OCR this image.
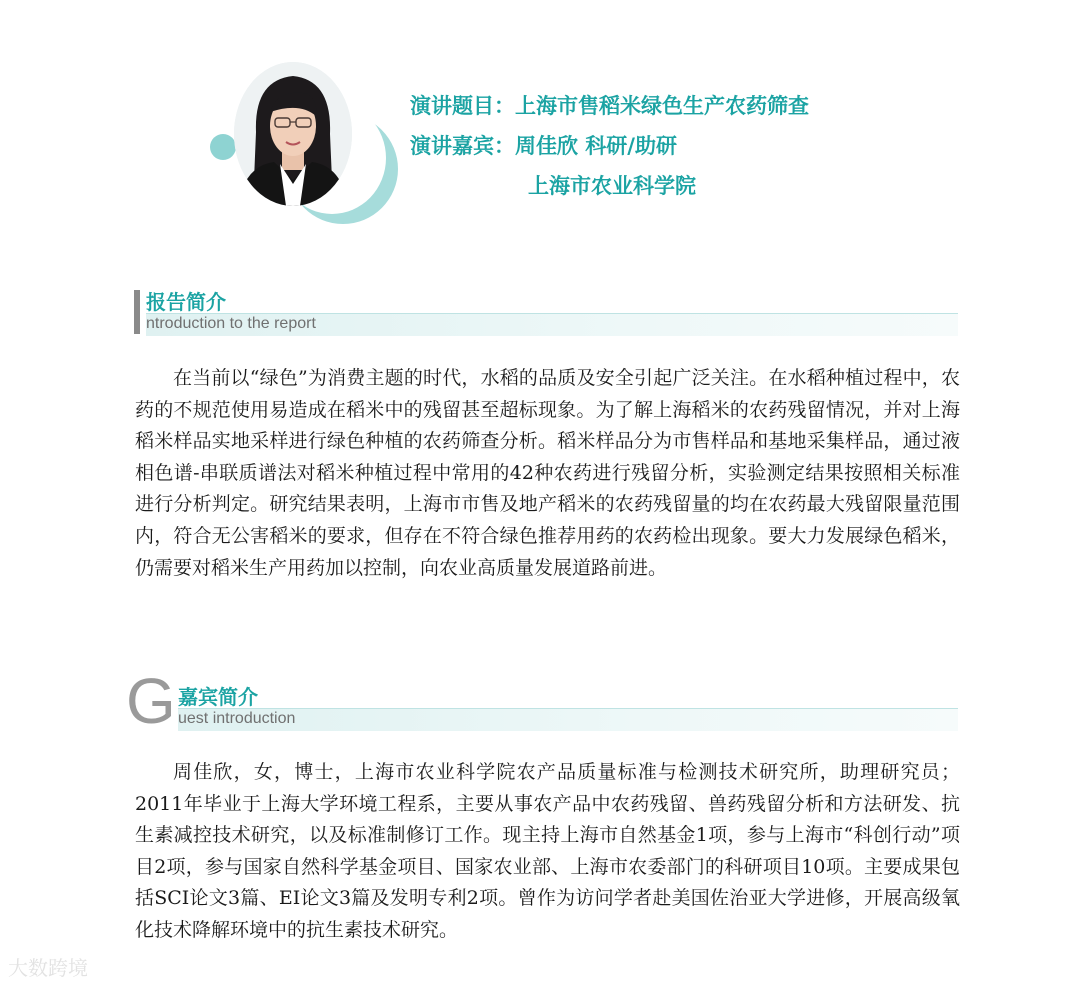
演讲题目：上海市售稻米绿色生产农药筛查
演讲嘉宾：周佳欣 科研/助研
上海市农业科学院
报告简介
ntroduction to the report
在当前以“绿色”为消费主题的时代，水稻的品质及安全引起广泛关注。在水稻种植过程中，农药的不规范使用易造成在稻米中的残留甚至超标现象。为了解上海稻米的农药残留情况，并对上海稻米样品实地采样进行绿色种植的农药筛查分析。稻米样品分为市售样品和基地采集样品，通过液相色谱-串联质谱法对稻米种植过程中常用的42种农药进行残留分析，实验测定结果按照相关标准进行分析判定。研究结果表明，上海市市售及地产稻米的农药残留量的均在农药最大残留限量范围内，符合无公害稻米的要求，但存在不符合绿色推荐用药的农药检出现象。要大力发展绿色稻米，仍需要对稻米生产用药加以控制，向农业高质量发展道路前进。
G 嘉宾简介
uest introduction
周佳欣，女，博士，上海市农业科学院农产品质量标准与检测技术研究所，助理研究员；2011年毕业于上海大学环境工程系，主要从事农产品中农药残留、兽药残留分析和方法研发、抗生素减控技术研究，以及标准制修订工作。现主持上海市自然基金1项，参与上海市“科创行动”项目2项，参与国家自然科学基金项目、国家农业部、上海市农委部门的科研项目10项。主要成果包括SCI论文3篇、EI论文3篇及发明专利2项。曾作为访问学者赴美国佐治亚大学进修，开展高级氧化技术降解环境中的抗生素技术研究。
大数跨境
